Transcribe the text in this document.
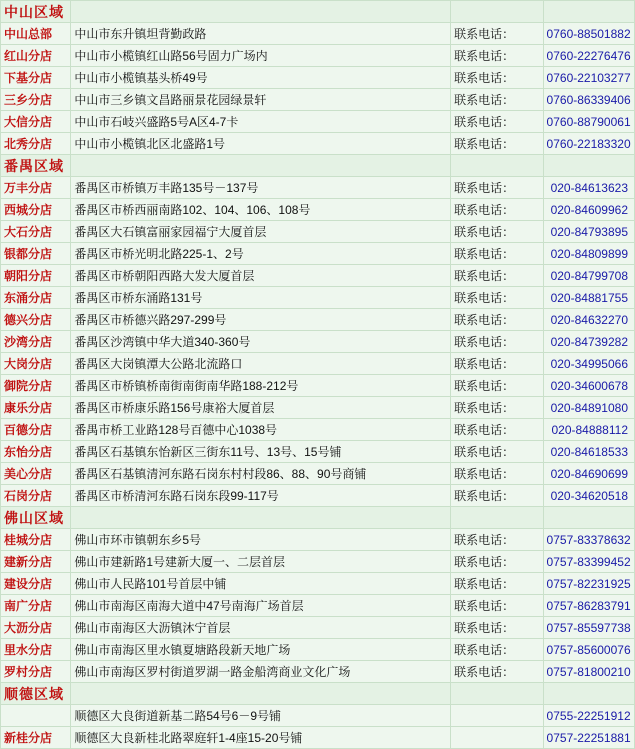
中山区域			
中山总部	中山市东升镇坦背勤政路	联系电话：	0760-88501882
红山分店	中山市小榄镇红山路56号固力广场内	联系电话：	0760-22276476
下基分店	中山市小榄镇基头桥49号	联系电话：	0760-22103277
三乡分店	中山市三乡镇文昌路丽景花园绿景轩	联系电话：	0760-86339406
大信分店	中山市石岐兴盛路5号A区4-7卡	联系电话：	0760-88790061
北秀分店	中山市小榄镇北区北盛路1号	联系电话：	0760-22183320
番禺区域			
万丰分店	番禺区市桥镇万丰路135号－137号	联系电话：	020-84613623
西城分店	番禺区市桥西丽南路102、104、106、108号	联系电话：	020-84609962
大石分店	番禺区大石镇富丽家园福宁大厦首层	联系电话：	020-84793895
银都分店	番禺区市桥光明北路225-1、2号	联系电话：	020-84809899
朝阳分店	番禺区市桥朝阳西路大发大厦首层	联系电话：	020-84799708
东涌分店	番禺区市桥东涌路131号	联系电话：	020-84881755
德兴分店	番禺区市桥德兴路297-299号	联系电话：	020-84632270
沙湾分店	番禺区沙湾镇中华大道340-360号	联系电话：	020-84739282
大岗分店	番禺区大岗镇潭大公路北流路口	联系电话：	020-34995066
御院分店	番禺区市桥镇桥南街南街南华路188-212号	联系电话：	020-34600678
康乐分店	番禺区市桥康乐路156号康裕大厦首层	联系电话：	020-84891080
百德分店	番禺市桥工业路128号百德中心1038号	联系电话：	020-84888112
东怡分店	番禺区石基镇东怡新区三街东11号、13号、15号铺	联系电话：	020-84618533
美心分店	番禺区石基镇清河东路石岗东村村段86、88、90号商铺	联系电话：	020-84690699
石岗分店	番禺区市桥清河东路石岗东段99-117号	联系电话：	020-34620518
佛山区域			
桂城分店	佛山市环市镇朝东乡5号	联系电话：	0757-83378632
建新分店	佛山市建新路1号建新大厦一、二层首层	联系电话：	0757-83399452
建设分店	佛山市人民路101号首层中铺	联系电话：	0757-82231925
南广分店	佛山市南海区南海大道中47号南海广场首层	联系电话：	0757-86283791
大沥分店	佛山市南海区大沥镇沐宁首层	联系电话：	0757-85597738
里水分店	佛山市南海区里水镇夏塘路段新天地广场	联系电话：	0757-85600076
罗村分店	佛山市南海区罗村街道罗湖一路金船湾商业文化广场	联系电话：	0757-81800210
顺德区域			
	顺德区大良街道新基二路54号6－9号铺		0755-22251912
新桂分店	顺德区大良新桂北路翠庭轩1-4座15-20号铺		0757-22251881
